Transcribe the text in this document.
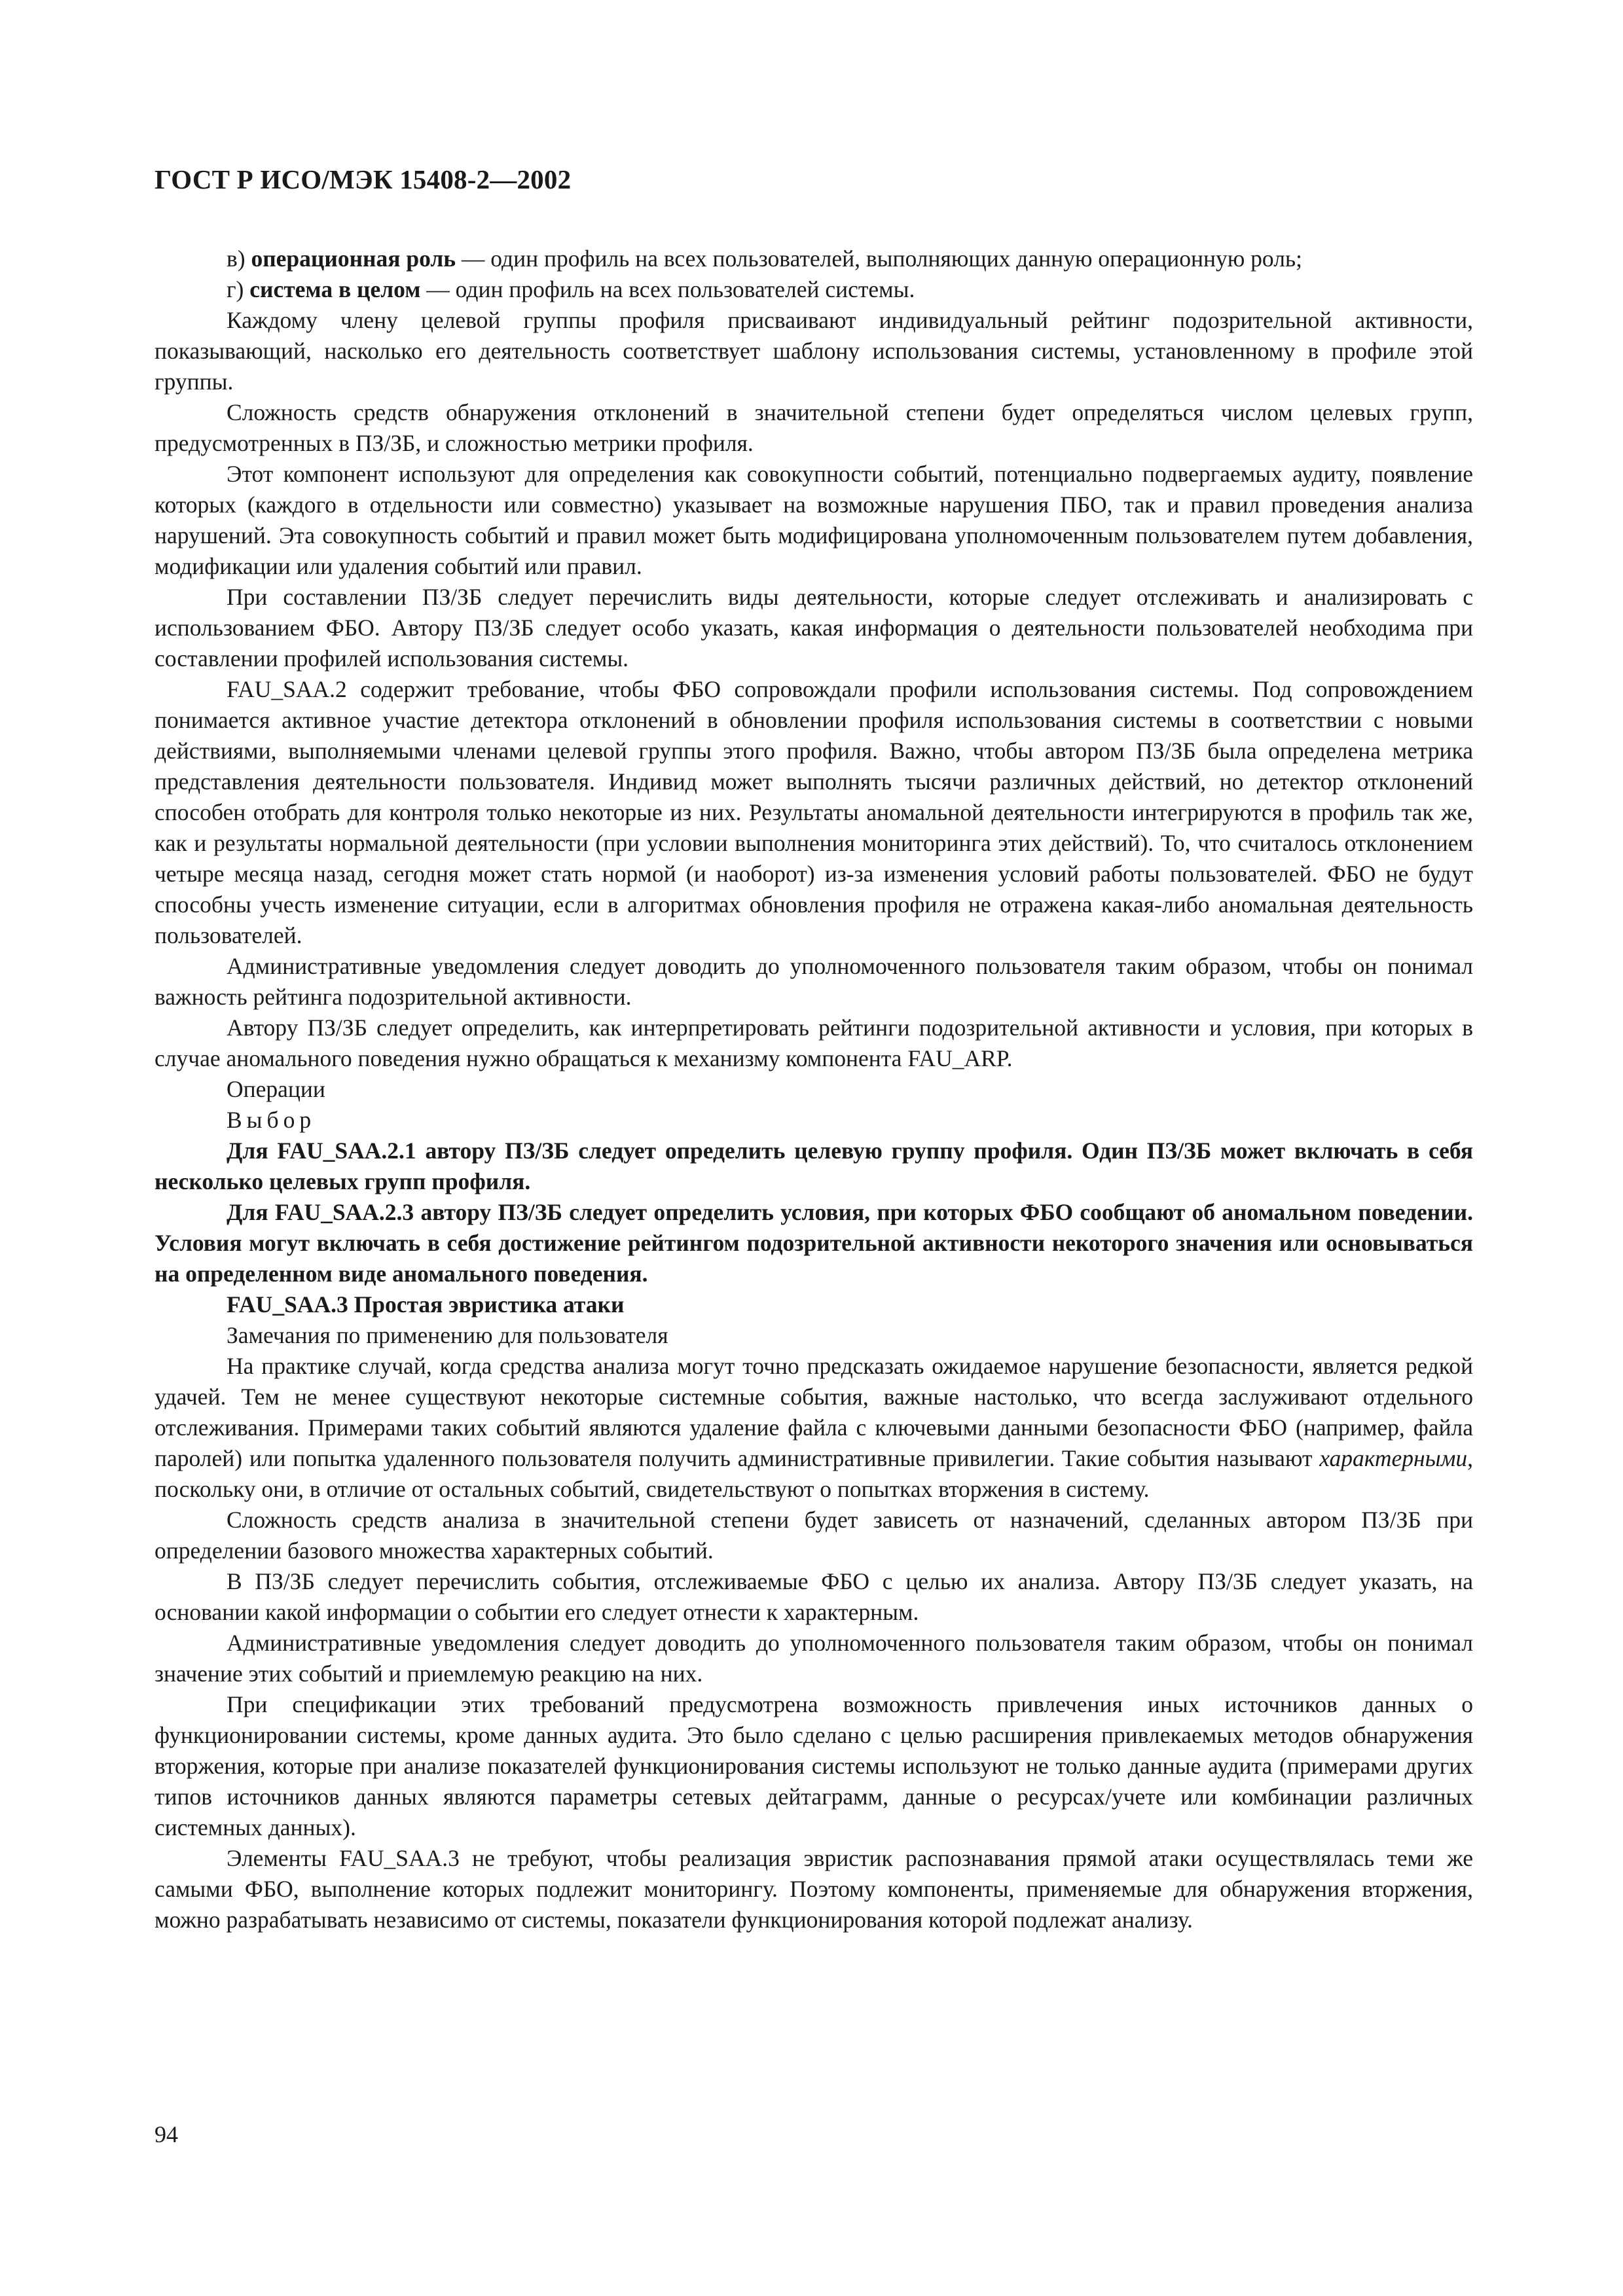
ГОСТ Р ИСО/МЭК 15408-2—2002

в) операционная роль — один профиль на всех пользователей, выполняющих данную операционную роль;

г) система в целом — один профиль на всех пользователей системы.

Каждому члену целевой группы профиля присваивают индивидуальный рейтинг подозрительной активности, показывающий, насколько его деятельность соответствует шаблону использования системы, установленному в профиле этой группы.

Сложность средств обнаружения отклонений в значительной степени будет определяться числом целевых групп, предусмотренных в ПЗ/ЗБ, и сложностью метрики профиля.

Этот компонент используют для определения как совокупности событий, потенциально подвергаемых аудиту, появление которых (каждого в отдельности или совместно) указывает на возможные нарушения ПБО, так и правил проведения анализа нарушений. Эта совокупность событий и правил может быть модифицирована уполномоченным пользователем путем добавления, модификации или удаления событий или правил.

При составлении ПЗ/ЗБ следует перечислить виды деятельности, которые следует отслеживать и анализировать с использованием ФБО. Автору ПЗ/ЗБ следует особо указать, какая информация о деятельности пользователей необходима при составлении профилей использования системы.

FAU_SAA.2 содержит требование, чтобы ФБО сопровождали профили использования системы. Под сопровождением понимается активное участие детектора отклонений в обновлении профиля использования системы в соответствии с новыми действиями, выполняемыми членами целевой группы этого профиля. Важно, чтобы автором ПЗ/ЗБ была определена метрика представления деятельности пользователя. Индивид может выполнять тысячи различных действий, но детектор отклонений способен отобрать для контроля только некоторые из них. Результаты аномальной деятельности интегрируются в профиль так же, как и результаты нормальной деятельности (при условии выполнения мониторинга этих действий). То, что считалось отклонением четыре месяца назад, сегодня может стать нормой (и наоборот) из-за изменения условий работы пользователей. ФБО не будут способны учесть изменение ситуации, если в алгоритмах обновления профиля не отражена какая-либо аномальная деятельность пользователей.

Административные уведомления следует доводить до уполномоченного пользователя таким образом, чтобы он понимал важность рейтинга подозрительной активности.

Автору ПЗ/ЗБ следует определить, как интерпретировать рейтинги подозрительной активности и условия, при которых в случае аномального поведения нужно обращаться к механизму компонента FAU_ARP.

Операции

Выбор

Для FAU_SAA.2.1 автору ПЗ/ЗБ следует определить целевую группу профиля. Один ПЗ/ЗБ может включать в себя несколько целевых групп профиля.

Для FAU_SAA.2.3 автору ПЗ/ЗБ следует определить условия, при которых ФБО сообщают об аномальном поведении. Условия могут включать в себя достижение рейтингом подозрительной активности некоторого значения или основываться на определенном виде аномального поведения.

FAU_SAA.3 Простая эвристика атаки

Замечания по применению для пользователя

На практике случай, когда средства анализа могут точно предсказать ожидаемое нарушение безопасности, является редкой удачей. Тем не менее существуют некоторые системные события, важные настолько, что всегда заслуживают отдельного отслеживания. Примерами таких событий являются удаление файла с ключевыми данными безопасности ФБО (например, файла паролей) или попытка удаленного пользователя получить административные привилегии. Такие события называют характерными, поскольку они, в отличие от остальных событий, свидетельствуют о попытках вторжения в систему.

Сложность средств анализа в значительной степени будет зависеть от назначений, сделанных автором ПЗ/ЗБ при определении базового множества характерных событий.

В ПЗ/ЗБ следует перечислить события, отслеживаемые ФБО с целью их анализа. Автору ПЗ/ЗБ следует указать, на основании какой информации о событии его следует отнести к характерным.

Административные уведомления следует доводить до уполномоченного пользователя таким образом, чтобы он понимал значение этих событий и приемлемую реакцию на них.

При спецификации этих требований предусмотрена возможность привлечения иных источников данных о функционировании системы, кроме данных аудита. Это было сделано с целью расширения привлекаемых методов обнаружения вторжения, которые при анализе показателей функционирования системы используют не только данные аудита (примерами других типов источников данных являются параметры сетевых дейтаграмм, данные о ресурсах/учете или комбинации различных системных данных).

Элементы FAU_SAA.3 не требуют, чтобы реализация эвристик распознавания прямой атаки осуществлялась теми же самыми ФБО, выполнение которых подлежит мониторингу. Поэтому компоненты, применяемые для обнаружения вторжения, можно разрабатывать независимо от системы, показатели функционирования которой подлежат анализу.

94
